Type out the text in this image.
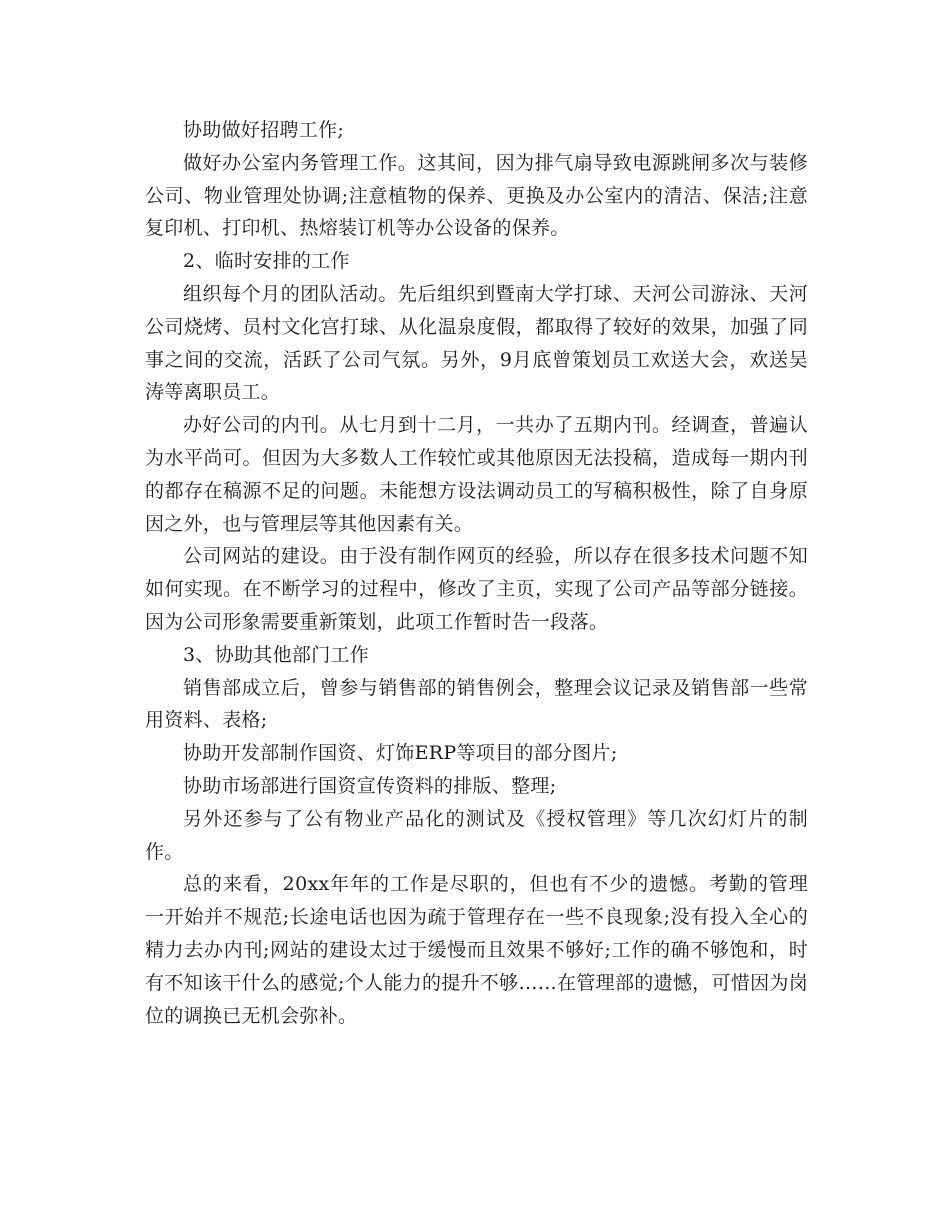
协助做好招聘工作;

做好办公室内务管理工作。这其间，因为排气扇导致电源跳闸多次与装修公司、物业管理处协调;注意植物的保养、更换及办公室内的清洁、保洁;注意复印机、打印机、热熔装订机等办公设备的保养。

2、临时安排的工作

组织每个月的团队活动。先后组织到暨南大学打球、天河公司游泳、天河公司烧烤、员村文化宫打球、从化温泉度假，都取得了较好的效果，加强了同事之间的交流，活跃了公司气氛。另外，9月底曾策划员工欢送大会，欢送吴涛等离职员工。

办好公司的内刊。从七月到十二月，一共办了五期内刊。经调查，普遍认为水平尚可。但因为大多数人工作较忙或其他原因无法投稿，造成每一期内刊的都存在稿源不足的问题。未能想方设法调动员工的写稿积极性，除了自身原因之外，也与管理层等其他因素有关。

公司网站的建设。由于没有制作网页的经验，所以存在很多技术问题不知如何实现。在不断学习的过程中，修改了主页，实现了公司产品等部分链接。因为公司形象需要重新策划，此项工作暂时告一段落。

3、协助其他部门工作

销售部成立后，曾参与销售部的销售例会，整理会议记录及销售部一些常用资料、表格;

协助开发部制作国资、灯饰ERP等项目的部分图片;

协助市场部进行国资宣传资料的排版、整理;

另外还参与了公有物业产品化的测试及《授权管理》等几次幻灯片的制作。

总的来看，20xx年年的工作是尽职的，但也有不少的遗憾。考勤的管理一开始并不规范;长途电话也因为疏于管理存在一些不良现象;没有投入全心的精力去办内刊;网站的建设太过于缓慢而且效果不够好;工作的确不够饱和，时有不知该干什么的感觉;个人能力的提升不够……在管理部的遗憾，可惜因为岗位的调换已无机会弥补。
